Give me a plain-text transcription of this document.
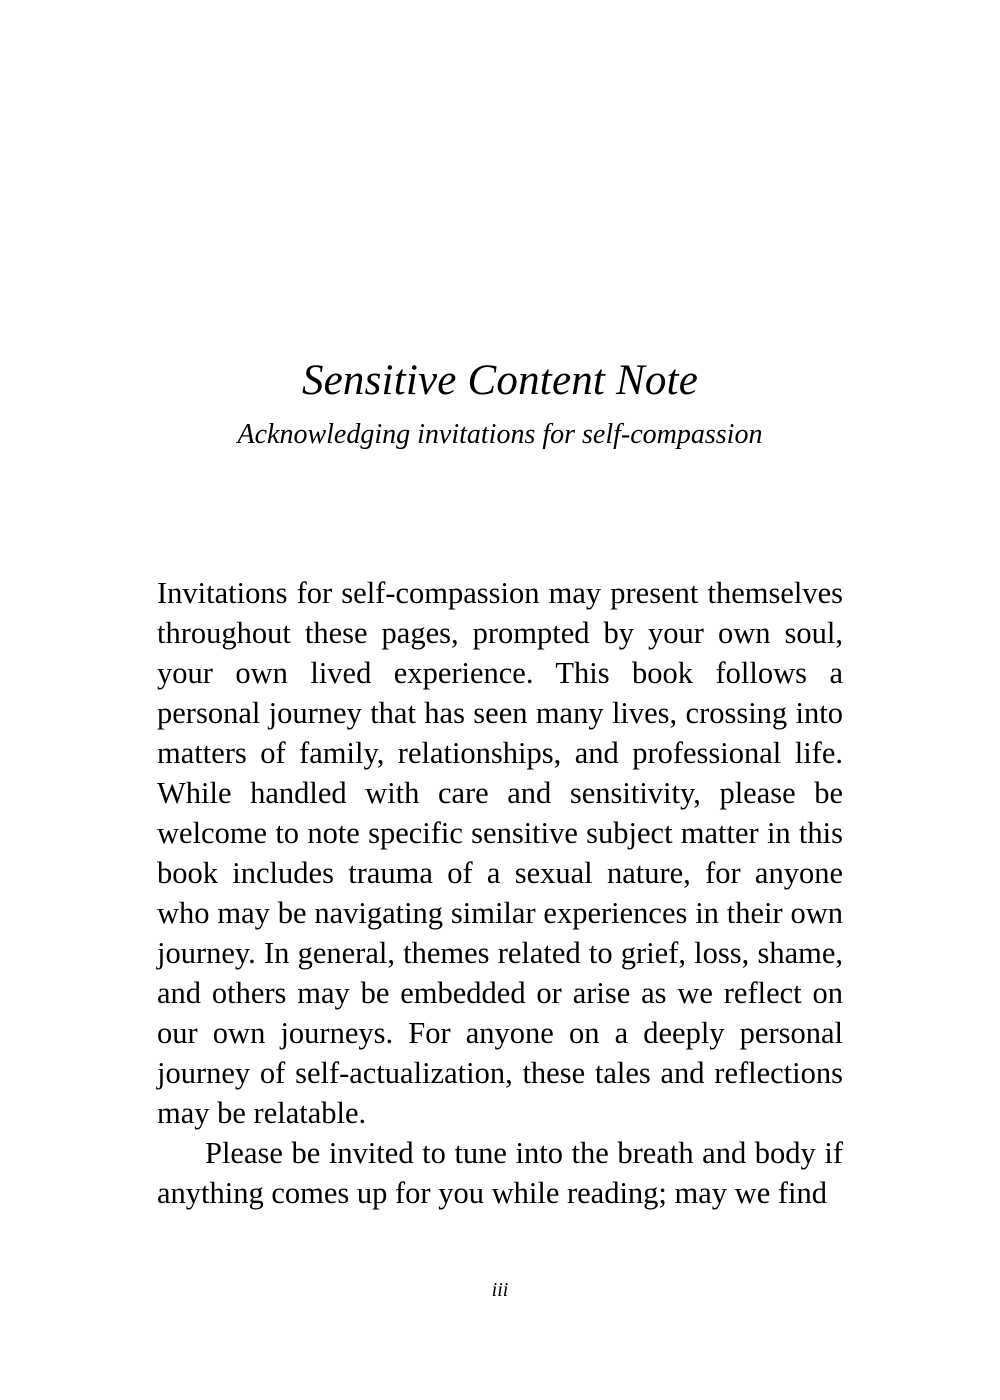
Sensitive Content Note
Acknowledging invitations for self-compassion

Invitations for self-compassion may present themselves throughout these pages, prompted by your own soul, your own lived experience. This book follows a personal journey that has seen many lives, crossing into matters of family, relationships, and professional life. While handled with care and sensitivity, please be welcome to note specific sensitive subject matter in this book includes trauma of a sexual nature, for anyone who may be navigating similar experiences in their own journey. In general, themes related to grief, loss, shame, and others may be embedded or arise as we reflect on our own journeys. For anyone on a deeply personal journey of self-actualization, these tales and reflections may be relatable.

Please be invited to tune into the breath and body if anything comes up for you while reading; may we find

iii
